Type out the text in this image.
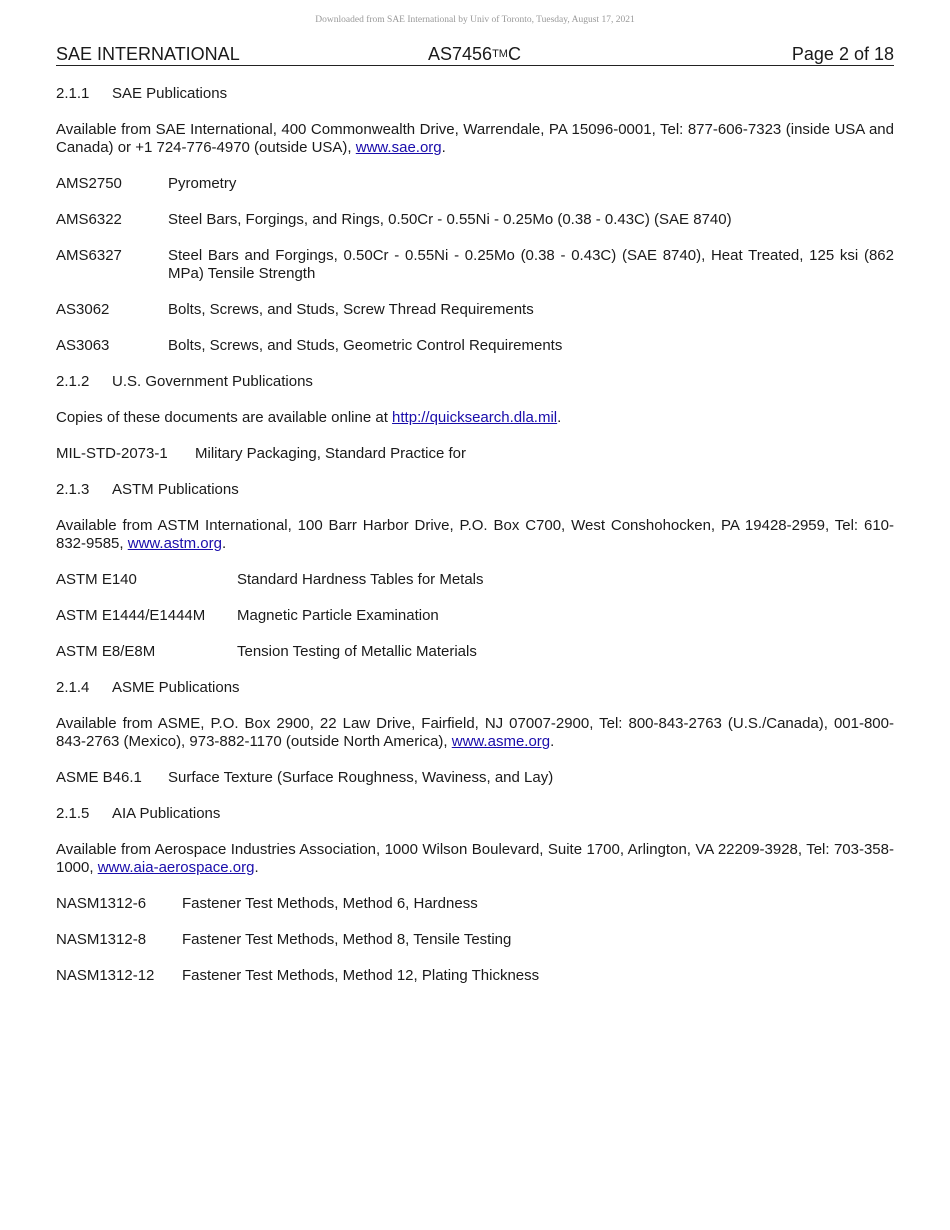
Downloaded from SAE International by Univ of Toronto, Tuesday, August 17, 2021
SAE INTERNATIONAL	AS7456TMC	Page 2 of 18
2.1.1 SAE Publications
Available from SAE International, 400 Commonwealth Drive, Warrendale, PA 15096-0001, Tel: 877-606-7323 (inside USA and Canada) or +1 724-776-4970 (outside USA), www.sae.org.
AMS2750	Pyrometry
AMS6322	Steel Bars, Forgings, and Rings, 0.50Cr - 0.55Ni - 0.25Mo (0.38 - 0.43C) (SAE 8740)
AMS6327	Steel Bars and Forgings, 0.50Cr - 0.55Ni - 0.25Mo (0.38 - 0.43C) (SAE 8740), Heat Treated, 125 ksi (862 MPa) Tensile Strength
AS3062	Bolts, Screws, and Studs, Screw Thread Requirements
AS3063	Bolts, Screws, and Studs, Geometric Control Requirements
2.1.2 U.S. Government Publications
Copies of these documents are available online at http://quicksearch.dla.mil.
MIL-STD-2073-1	Military Packaging, Standard Practice for
2.1.3 ASTM Publications
Available from ASTM International, 100 Barr Harbor Drive, P.O. Box C700, West Conshohocken, PA 19428-2959, Tel: 610-832-9585, www.astm.org.
ASTM E140	Standard Hardness Tables for Metals
ASTM E1444/E1444M	Magnetic Particle Examination
ASTM E8/E8M	Tension Testing of Metallic Materials
2.1.4 ASME Publications
Available from ASME, P.O. Box 2900, 22 Law Drive, Fairfield, NJ 07007-2900, Tel: 800-843-2763 (U.S./Canada), 001-800-843-2763 (Mexico), 973-882-1170 (outside North America), www.asme.org.
ASME B46.1	Surface Texture (Surface Roughness, Waviness, and Lay)
2.1.5 AIA Publications
Available from Aerospace Industries Association, 1000 Wilson Boulevard, Suite 1700, Arlington, VA 22209-3928, Tel: 703-358-1000, www.aia-aerospace.org.
NASM1312-6	Fastener Test Methods, Method 6, Hardness
NASM1312-8	Fastener Test Methods, Method 8, Tensile Testing
NASM1312-12	Fastener Test Methods, Method 12, Plating Thickness
